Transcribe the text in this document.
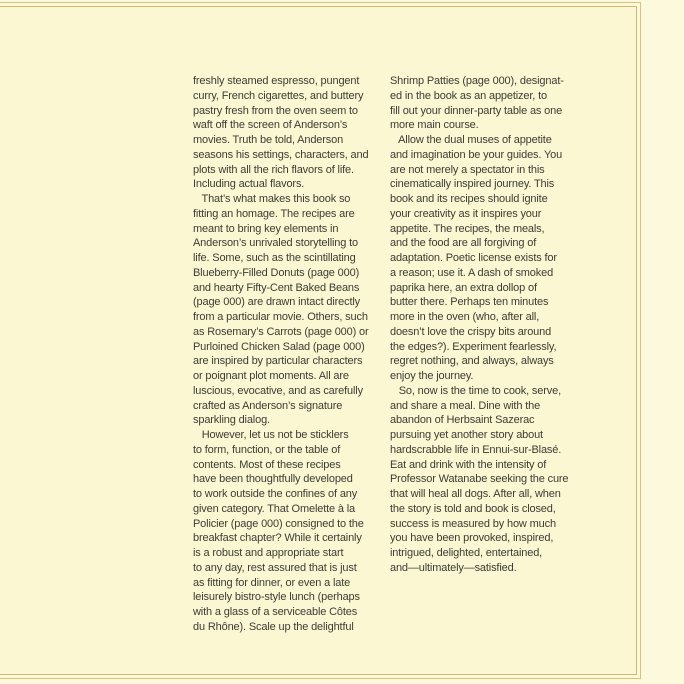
freshly steamed espresso, pungent
curry, French cigarettes, and buttery
pastry fresh from the oven seem to
waft off the screen of Anderson’s
movies. Truth be told, Anderson
seasons his settings, characters, and
plots with all the rich flavors of life.
Including actual flavors.
That’s what makes this book so
fitting an homage. The recipes are
meant to bring key elements in
Anderson’s unrivaled storytelling to
life. Some, such as the scintillating
Blueberry-Filled Donuts (page 000)
and hearty Fifty-Cent Baked Beans
(page 000) are drawn intact directly
from a particular movie. Others, such
as Rosemary’s Carrots (page 000) or
Purloined Chicken Salad (page 000)
are inspired by particular characters
or poignant plot moments. All are
luscious, evocative, and as carefully
crafted as Anderson’s signature
sparkling dialog.
However, let us not be sticklers
to form, function, or the table of
contents. Most of these recipes
have been thoughtfully developed
to work outside the confines of any
given category. That Omelette à la
Policier (page 000) consigned to the
breakfast chapter? While it certainly
is a robust and appropriate start
to any day, rest assured that is just
as fitting for dinner, or even a late
leisurely bistro-style lunch (perhaps
with a glass of a serviceable Côtes
du Rhône). Scale up the delightful
Shrimp Patties (page 000), designat-
ed in the book as an appetizer, to
fill out your dinner-party table as one
more main course.
Allow the dual muses of appetite
and imagination be your guides. You
are not merely a spectator in this
cinematically inspired journey. This
book and its recipes should ignite
your creativity as it inspires your
appetite. The recipes, the meals,
and the food are all forgiving of
adaptation. Poetic license exists for
a reason; use it. A dash of smoked
paprika here, an extra dollop of
butter there. Perhaps ten minutes
more in the oven (who, after all,
doesn’t love the crispy bits around
the edges?). Experiment fearlessly,
regret nothing, and always, always
enjoy the journey.
So, now is the time to cook, serve,
and share a meal. Dine with the
abandon of Herbsaint Sazerac
pursuing yet another story about
hardscrabble life in Ennui-sur-Blasé.
Eat and drink with the intensity of
Professor Watanabe seeking the cure
that will heal all dogs. After all, when
the story is told and book is closed,
success is measured by how much
you have been provoked, inspired,
intrigued, delighted, entertained,
and—ultimately—satisfied.
